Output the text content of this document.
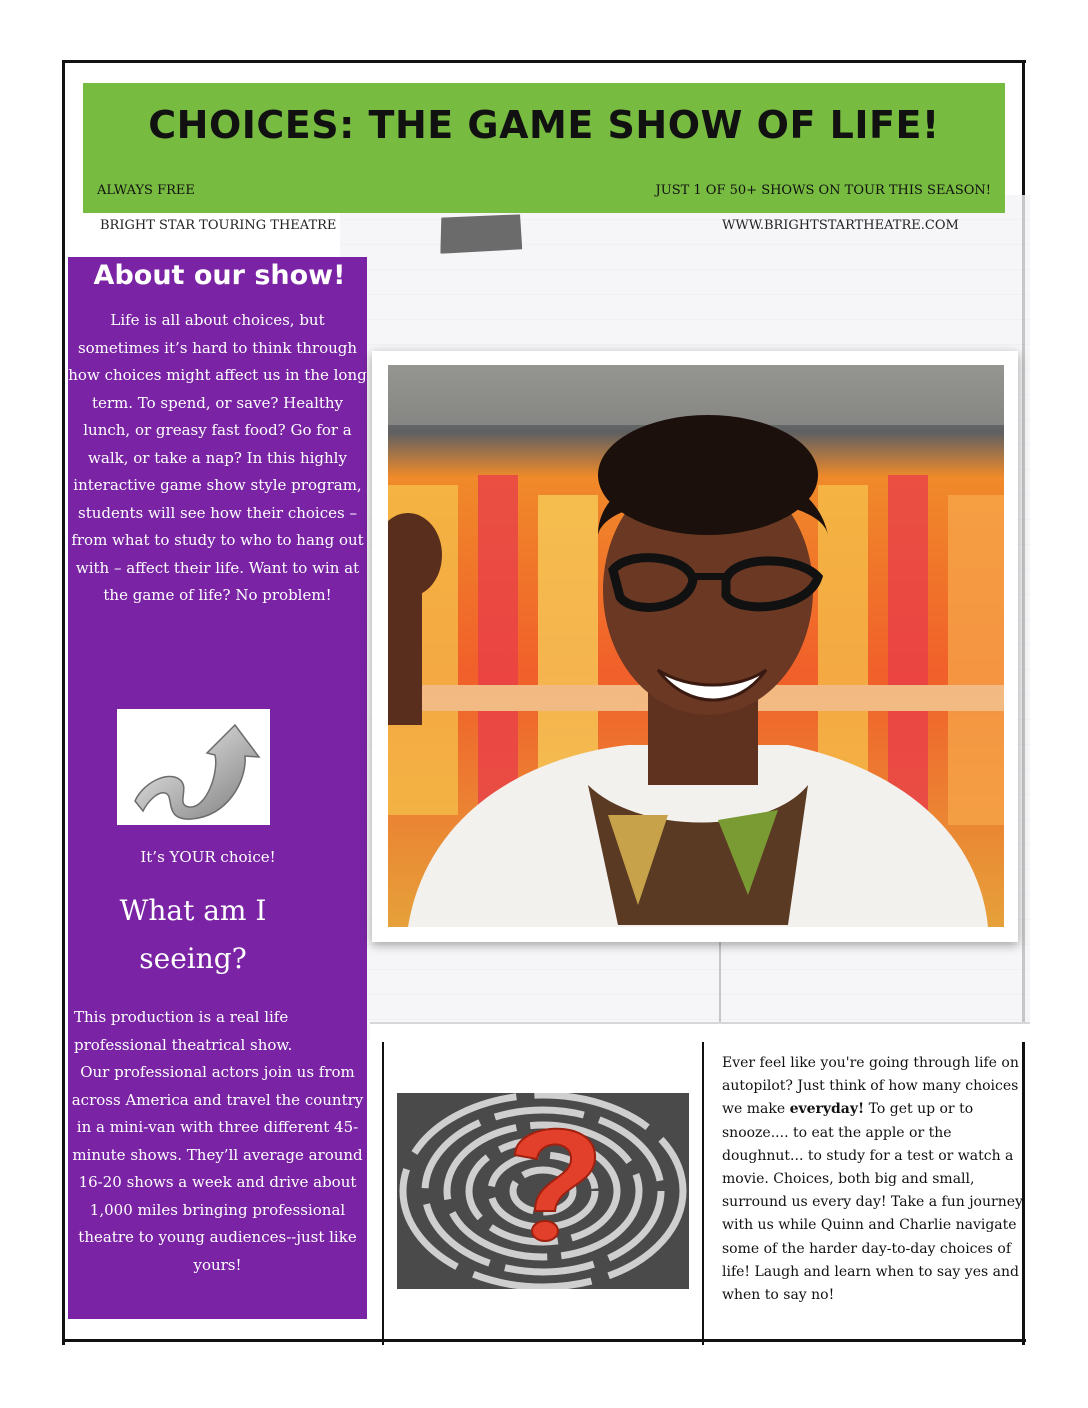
CHOICES: THE GAME SHOW OF LIFE!
ALWAYS FREE	JUST 1 OF 50+ SHOWS ON TOUR THIS SEASON!
BRIGHT STAR TOURING THEATRE	WWW.BRIGHTSTARTHEATRE.COM
About our show!
Life is all about choices, but sometimes it’s hard to think through how choices might affect us in the long term. To spend, or save? Healthy lunch, or greasy fast food? Go for a walk, or take a nap? In this highly interactive game show style program, students will see how their choices – from what to study to who to hang out with – affect their life. Want to win at the game of life? No problem!
It’s YOUR choice!
What am I seeing?
This production is a real life professional theatrical show.
Our professional actors join us from across America and travel the country in a mini-van with three different 45-minute shows. They’ll average around 16-20 shows a week and drive about 1,000 miles bringing professional theatre to young audiences--just like yours!
Ever feel like you're going through life on autopilot? Just think of how many choices we make everyday! To get up or to snooze.... to eat the apple or the doughnut... to study for a test or watch a movie. Choices, both big and small, surround us every day! Take a fun journey with us while Quinn and Charlie navigate some of the harder day-to-day choices of life! Laugh and learn when to say yes and when to say no!
